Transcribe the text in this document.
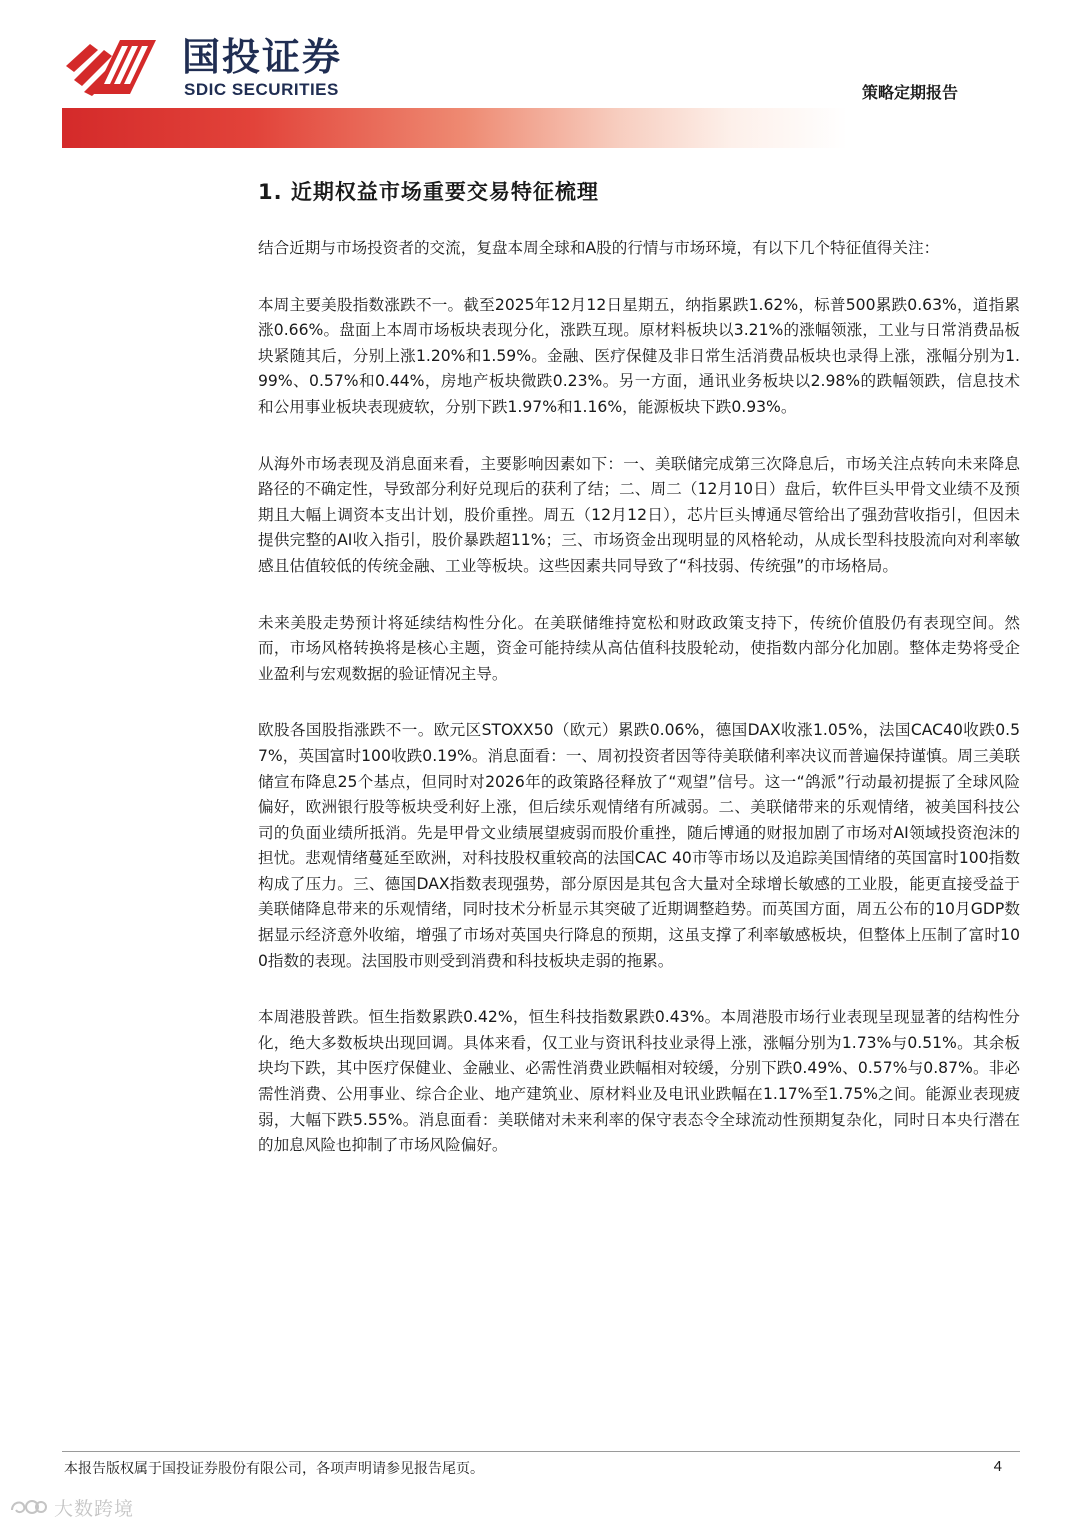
国投证券
SDIC SECURITIES	策略定期报告
1. 近期权益市场重要交易特征梳理

结合近期与市场投资者的交流，复盘本周全球和A股的行情与市场环境，有以下几个特征值得关注：

本周主要美股指数涨跌不一。截至2025年12月12日星期五，纳指累跌1.62%，标普500累跌0.63%，道指累涨0.66%。盘面上本周市场板块表现分化，涨跌互现。原材料板块以3.21%的涨幅领涨，工业与日常消费品板块紧随其后，分别上涨1.20%和1.59%。金融、医疗保健及非日常生活消费品板块也录得上涨，涨幅分别为1.99%、0.57%和0.44%，房地产板块微跌0.23%。另一方面，通讯业务板块以2.98%的跌幅领跌，信息技术和公用事业板块表现疲软，分别下跌1.97%和1.16%，能源板块下跌0.93%。

从海外市场表现及消息面来看，主要影响因素如下：一、美联储完成第三次降息后，市场关注点转向未来降息路径的不确定性，导致部分利好兑现后的获利了结；二、周二（12月10日）盘后，软件巨头甲骨文业绩不及预期且大幅上调资本支出计划，股价重挫。周五（12月12日），芯片巨头博通尽管给出了强劲营收指引，但因未提供完整的AI收入指引，股价暴跌超11%；三、市场资金出现明显的风格轮动，从成长型科技股流向对利率敏感且估值较低的传统金融、工业等板块。这些因素共同导致了“科技弱、传统强”的市场格局。

未来美股走势预计将延续结构性分化。在美联储维持宽松和财政政策支持下，传统价值股仍有表现空间。然而，市场风格转换将是核心主题，资金可能持续从高估值科技股轮动，使指数内部分化加剧。整体走势将受企业盈利与宏观数据的验证情况主导。

欧股各国股指涨跌不一。欧元区STOXX50（欧元）累跌0.06%，德国DAX收涨1.05%，法国CAC40收跌0.57%，英国富时100收跌0.19%。消息面看：一、周初投资者因等待美联储利率决议而普遍保持谨慎。周三美联储宣布降息25个基点，但同时对2026年的政策路径释放了“观望”信号。这一“鸽派”行动最初提振了全球风险偏好，欧洲银行股等板块受利好上涨，但后续乐观情绪有所减弱。二、美联储带来的乐观情绪，被美国科技公司的负面业绩所抵消。先是甲骨文业绩展望疲弱而股价重挫，随后博通的财报加剧了市场对AI领域投资泡沫的担忧。悲观情绪蔓延至欧洲，对科技股权重较高的法国CAC 40市等市场以及追踪美国情绪的英国富时100指数构成了压力。三、德国DAX指数表现强势，部分原因是其包含大量对全球增长敏感的工业股，能更直接受益于美联储降息带来的乐观情绪，同时技术分析显示其突破了近期调整趋势。而英国方面，周五公布的10月GDP数据显示经济意外收缩，增强了市场对英国央行降息的预期，这虽支撑了利率敏感板块，但整体上压制了富时100指数的表现。法国股市则受到消费和科技板块走弱的拖累。

本周港股普跌。恒生指数累跌0.42%，恒生科技指数累跌0.43%。本周港股市场行业表现呈现显著的结构性分化，绝大多数板块出现回调。具体来看，仅工业与资讯科技业录得上涨，涨幅分别为1.73%与0.51%。其余板块均下跌，其中医疗保健业、金融业、必需性消费业跌幅相对较缓，分别下跌0.49%、0.57%与0.87%。非必需性消费、公用事业、综合企业、地产建筑业、原材料业及电讯业跌幅在1.17%至1.75%之间。能源业表现疲弱，大幅下跌5.55%。消息面看：美联储对未来利率的保守表态令全球流动性预期复杂化，同时日本央行潜在的加息风险也抑制了市场风险偏好。

本报告版权属于国投证券股份有限公司，各项声明请参见报告尾页。	4
大数跨境
